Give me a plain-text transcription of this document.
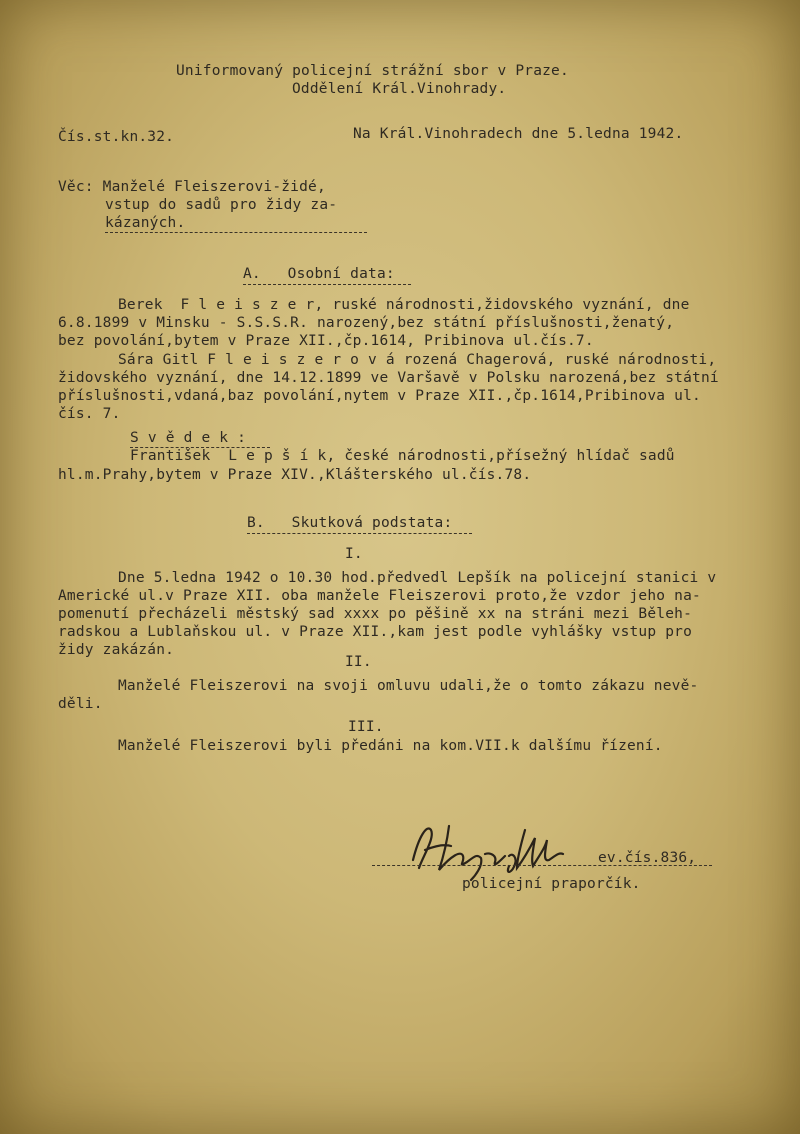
Uniformovaný policejní strážní sbor v Praze.
Oddělení Král.Vinohrady.
Čís.st.kn.32.	Na Král.Vinohradech dne 5.ledna 1942.
Věc: Manželé Fleiszerovi-židé,
vstup do sadů pro židy za-
kázaných.
A.   Osobní data:
Berek  F l e i s z e r, ruské národnosti,židovského vyznání, dne
6.8.1899 v Minsku - S.S.S.R. narozený,bez státní příslušnosti,ženatý,
bez povolání,bytem v Praze XII.,čp.1614, Pribinova ul.čís.7.
Sára Gitl F l e i s z e r o v á rozená Chagerová, ruské národnosti,
židovského vyznání, dne 14.12.1899 ve Varšavě v Polsku narozená,bez státní
příslušnosti,vdaná,baz povolání,nytem v Praze XII.,čp.1614,Pribinova ul.
čís. 7.
S v ě d e k :
František  L e p š í k, české národnosti,přísežný hlídač sadů
hl.m.Prahy,bytem v Praze XIV.,Klášterského ul.čís.78.
B.   Skutková podstata:
I.
Dne 5.ledna 1942 o 10.30 hod.předvedl Lepšík na policejní stanici v
Americké ul.v Praze XII. oba manžele Fleiszerovi proto,že vzdor jeho na-
pomenutí přecházeli městský sad xxxx po pěšině xx na stráni mezi Běleh-
radskou a Lublaňskou ul. v Praze XII.,kam jest podle vyhlášky vstup pro
židy zakázán.
II.
Manželé Fleiszerovi na svoji omluvu udali,že o tomto zákazu nevě-
děli.
III.
Manželé Fleiszerovi byli předáni na kom.VII.k dalšímu řízení.
ev.čís.836,
policejní praporčík.
